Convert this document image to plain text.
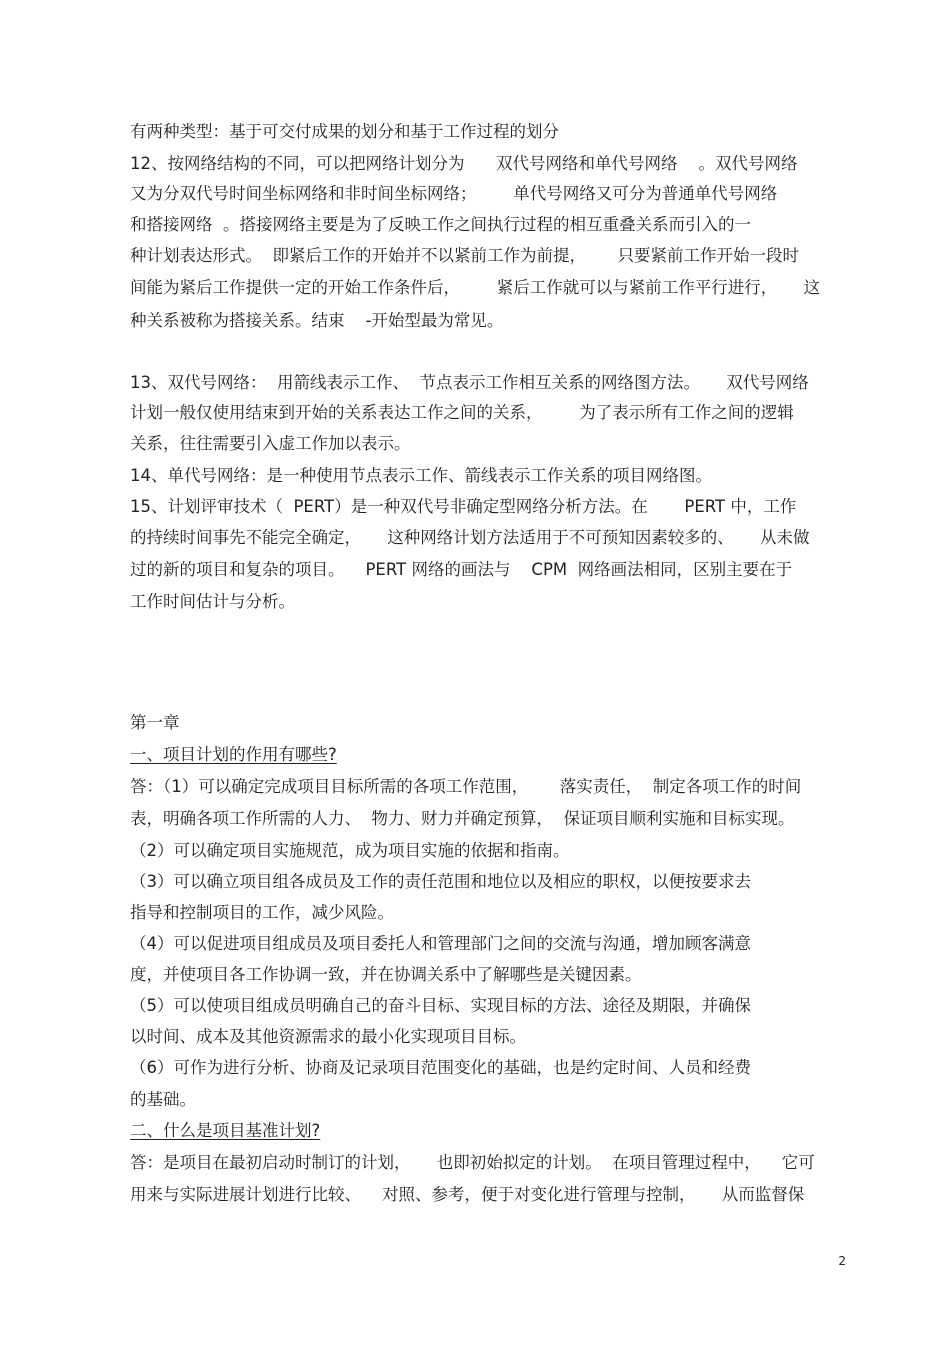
有两种类型：基于可交付成果的划分和基于工作过程的划分
12、按网络结构的不同，可以把网络计划分为      双代号网络和单代号网络    。双代号网络
又为分双代号时间坐标网络和非时间坐标网络；       单代号网络又可分为普通单代号网络
和搭接网络  。搭接网络主要是为了反映工作之间执行过程的相互重叠关系而引入的一
种计划表达形式。  即紧后工作的开始并不以紧前工作为前提，      只要紧前工作开始一段时
间能为紧后工作提供一定的开始工作条件后，       紧后工作就可以与紧前工作平行进行，     这
种关系被称为搭接关系。结束    -开始型最为常见。
13、双代号网络：  用箭线表示工作、  节点表示工作相互关系的网络图方法。     双代号网络
计划一般仅使用结束到开始的关系表达工作之间的关系，       为了表示所有工作之间的逻辑
关系，往往需要引入虚工作加以表示。
14、单代号网络：是一种使用节点表示工作、箭线表示工作关系的项目网络图。
15、计划评审技术（  PERT）是一种双代号非确定型网络分析方法。在       PERT 中，工作
的持续时间事先不能完全确定，     这种网络计划方法适用于不可预知因素较多的、     从未做
过的新的项目和复杂的项目。    PERT 网络的画法与    CPM  网络画法相同，区别主要在于
工作时间估计与分析。
第一章
一、项目计划的作用有哪些?
答：（1）可以确定完成项目目标所需的各项工作范围，      落实责任，  制定各项工作的时间
表，明确各项工作所需的人力、  物力、财力并确定预算，  保证项目顺利实施和目标实现。
（2）可以确定项目实施规范，成为项目实施的依据和指南。
（3）可以确立项目组各成员及工作的责任范围和地位以及相应的职权，以便按要求去
指导和控制项目的工作，减少风险。
（4）可以促进项目组成员及项目委托人和管理部门之间的交流与沟通，增加顾客满意
度，并使项目各工作协调一致，并在协调关系中了解哪些是关键因素。
（5）可以使项目组成员明确自己的奋斗目标、实现目标的方法、途径及期限，并确保
以时间、成本及其他资源需求的最小化实现项目目标。
（6）可作为进行分析、协商及记录项目范围变化的基础，也是约定时间、人员和经费
的基础。
二、什么是项目基准计划?
答：是项目在最初启动时制订的计划，     也即初始拟定的计划。  在项目管理过程中，    它可
用来与实际进展计划进行比较、    对照、参考，便于对变化进行管理与控制，     从而监督保
2
